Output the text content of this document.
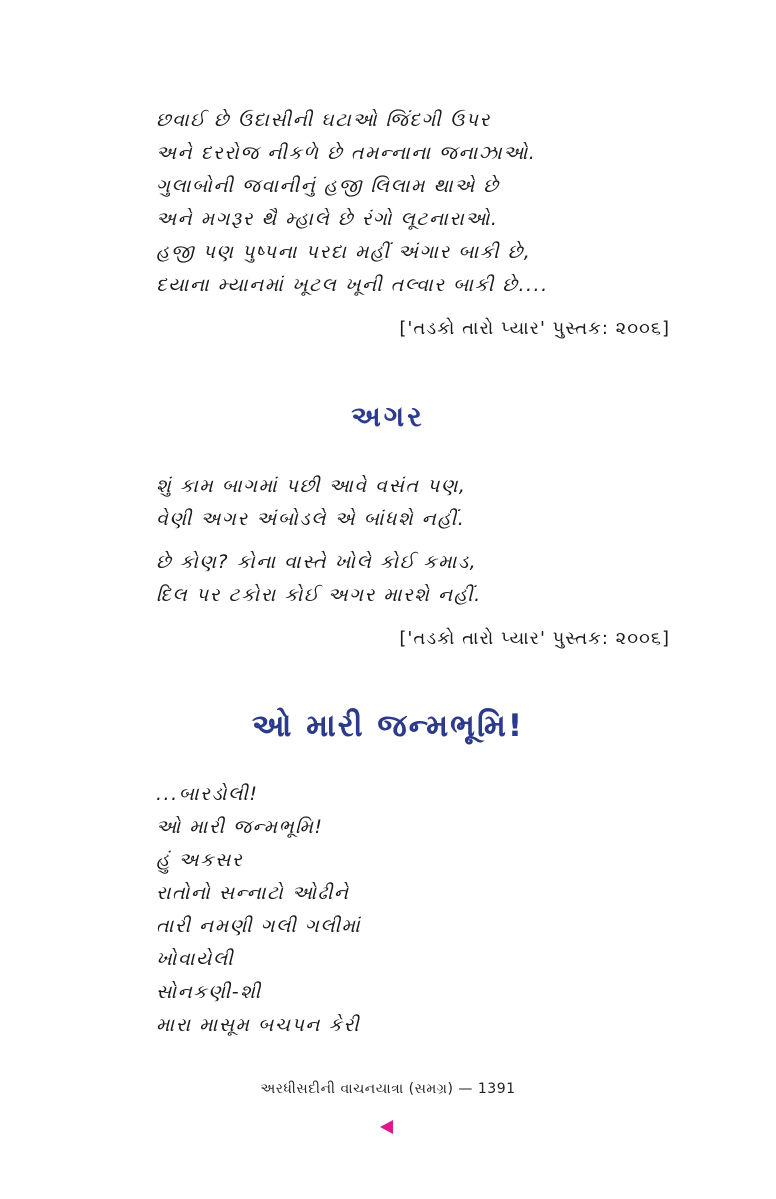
છવાઈ છે ઉદાસીની ઘટાઓ જિંદગી ઉપર
અને દરરોજ નીકળે છે તમન્નાના જનાઝાઓ.
ગુલાબોની જવાનીનું હજી લિલામ થાએ છે
અને મગરૂર થૈ મ્હાલે છે રંગો લૂટનારાઓ.
હજી પણ પુષ્પના પરદા મહીં અંગાર બાકી છે,
દયાના મ્યાનમાં ખૂટલ ખૂની તલ્વાર બાકી છે....
['તડકો તારો પ્યાર' પુસ્તક: ૨૦૦૬]
અગર
શું કામ બાગમાં પછી આવે વસંત પણ,
વેણી અગર અંબોડલે એ બાંધશે નહીં.
છે કોણ? કોના વાસ્તે ખોલે કોઈ કમાડ,
દિલ પર ટકોરા કોઈ અગર મારશે નહીં.
['તડકો તારો પ્યાર' પુસ્તક: ૨૦૦૬]
ઓ મારી જન્મભૂમિ!
...બારડોલી!
ઓ મારી જન્મભૂમિ!
હું અકસર
રાતોનો સન્નાટો ઓઢીને
તારી નમણી ગલી ગલીમાં
ખોવાયેલી
સોનકણી-શી
મારા માસૂમ બચપન કેરી
અરધીસદીની વાચનયાત્રા (સમગ્ર) — 1391
